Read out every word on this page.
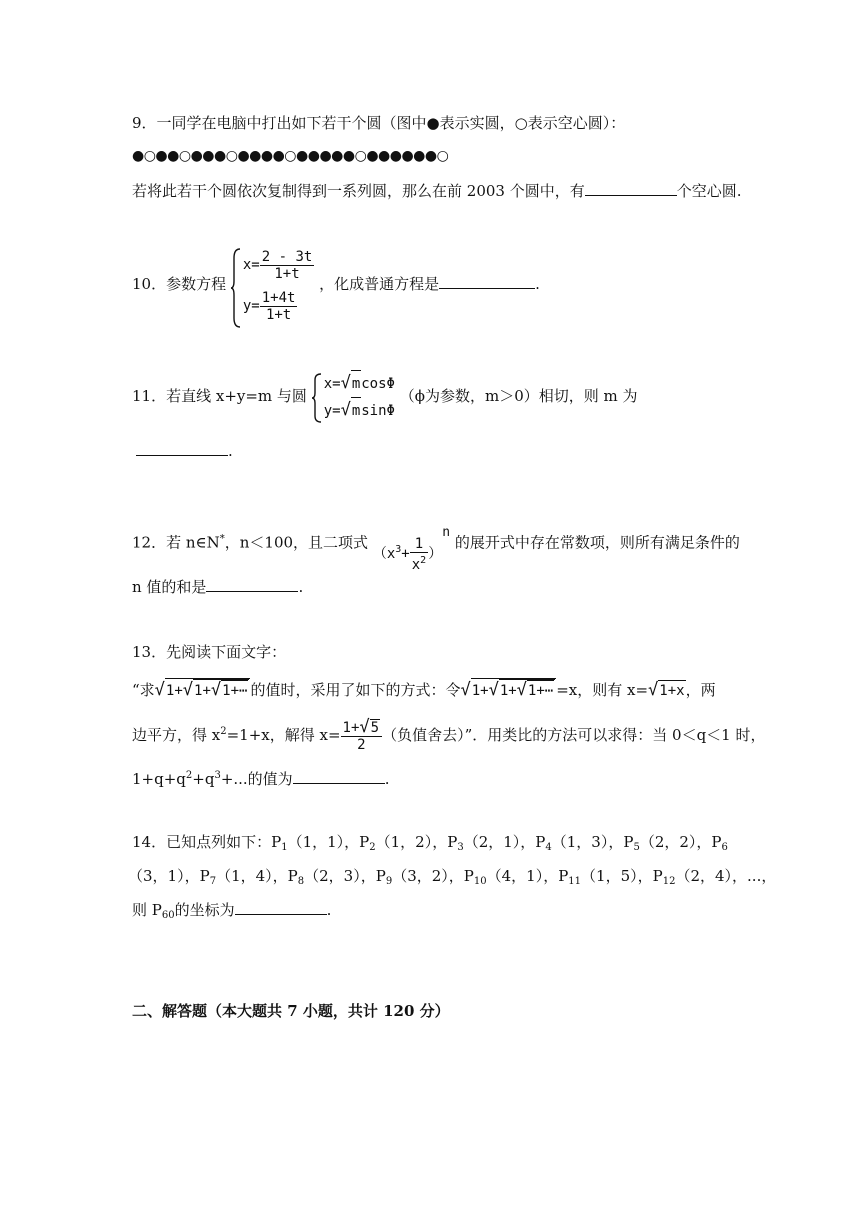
9．一同学在电脑中打出如下若干个圆（图中●表示实圆，○表示空心圆）：
●○●●○●●●○●●●●○●●●●●○●●●●●●○
若将此若干个圆依次复制得到一系列圆，那么在前 2003 个圆中，有	个空心圆.
10．参数方程
$x= \frac{2 - 3t}{1+t}$
$y= \frac{1+4t}{1+t}$
，化成普通方程是	.
11．若直线 x+y=m 与圆
x=√mcosΦ
y=√msinΦ
（ϕ为参数，m＞0）相切，则 m 为
.
12．若 n∈N*，n＜100，且二项式 $(x^3+ \frac{1}{x^2} )^n$ 的展开式中存在常数项，则所有满足条件的
n 值的和是	.
13．先阅读下面文字：
“求√1+√1+√1+⋯ 的值时，采用了如下的方式：令√1+√1+√1+⋯ =x，则有 x=√1+x，两
边平方，得 $x^2=1+x$，解得 $x= \frac{1+√5}{2}$ （负值舍去）”．用类比的方法可以求得：当 0＜q＜1 时，
$1+q+q^2+q^3+$...的值为	.
14．已知点列如下：$P_1(1$，1），$P_2(1$，2），$P_3(2$，1），$P_4(1$，3），$P_5(2$，2），$P_6$
（3，1），$P_7(1$，4），$P_8(2$，3），$P_9(3$，2），$P_{10}(4$，1），$P_{11}(1$，5），$P_{12}(2$，4），...，
则 $P_{60}$的坐标为	.
二、解答题（本大题共 7 小题，共计 120 分）
